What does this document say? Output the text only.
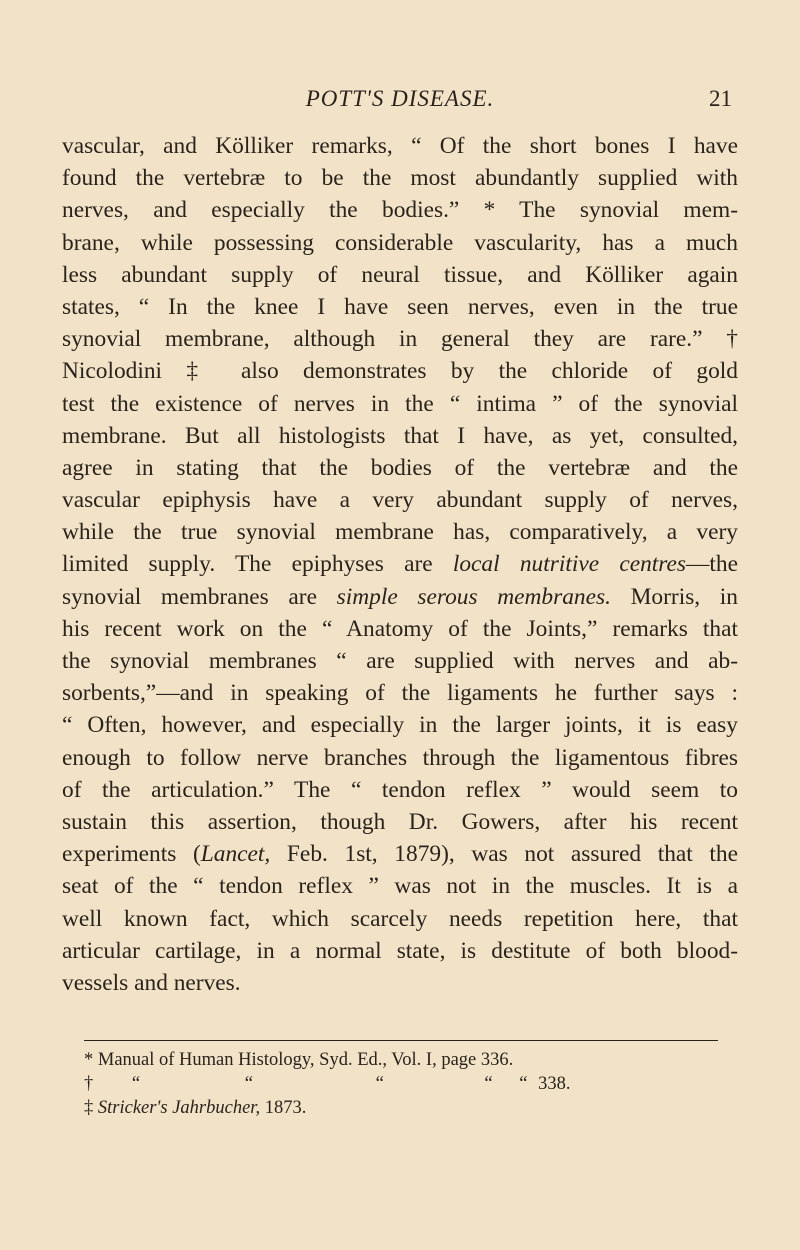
POTT'S DISEASE.	21
vascular, and Kölliker remarks, “ Of the short bones I have
found the vertebræ to be the most abundantly supplied with
nerves, and especially the bodies.” * The synovial mem-
brane, while possessing considerable vascularity, has a much
less abundant supply of neural tissue, and Kölliker again
states, “ In the knee I have seen nerves, even in the true
synovial membrane, although in general they are rare.” †
Nicolodini ‡ also demonstrates by the chloride of gold
test the existence of nerves in the “ intima ” of the synovial
membrane. But all histologists that I have, as yet, consulted,
agree in stating that the bodies of the vertebræ and the
vascular epiphysis have a very abundant supply of nerves,
while the true synovial membrane has, comparatively, a very
limited supply. The epiphyses are local nutritive centres—the
synovial membranes are simple serous membranes. Morris, in
his recent work on the “ Anatomy of the Joints,” remarks that
the synovial membranes “ are supplied with nerves and ab-
sorbents,”—and in speaking of the ligaments he further says :
“ Often, however, and especially in the larger joints, it is easy
enough to follow nerve branches through the ligamentous fibres
of the articulation.” The “ tendon reflex ” would seem to
sustain this assertion, though Dr. Gowers, after his recent
experiments (Lancet, Feb. 1st, 1879), was not assured that the
seat of the “ tendon reflex ” was not in the muscles. It is a
well known fact, which scarcely needs repetition here, that
articular cartilage, in a normal state, is destitute of both blood-
vessels and nerves.
* Manual of Human Histology, Syd. Ed., Vol. I, page 336.
† “	“	“	“ “ 338.
‡ Stricker's Jahrbucher, 1873.
